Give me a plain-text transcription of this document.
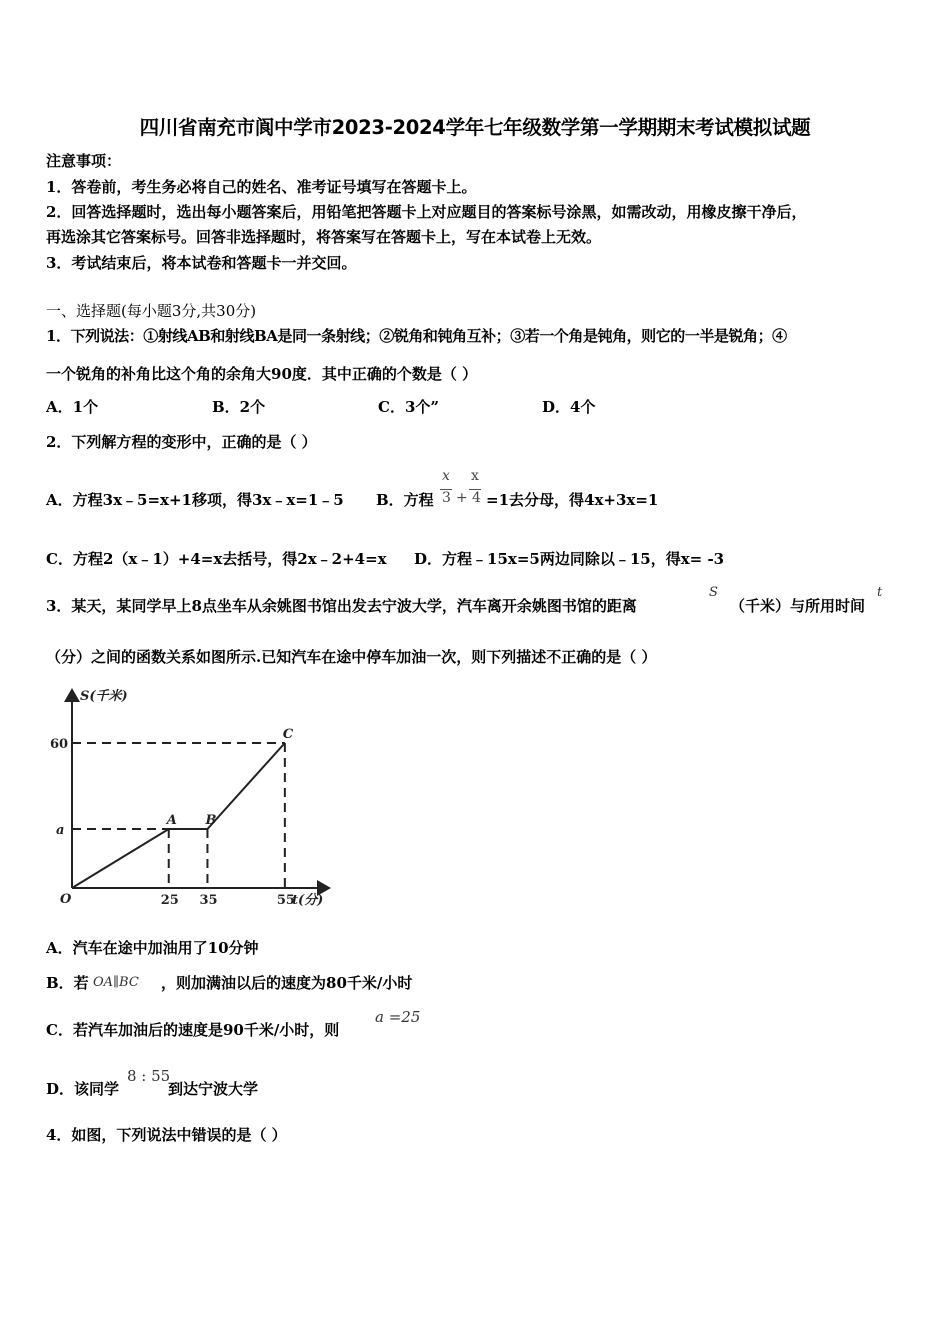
四川省南充市阆中学市2023-2024学年七年级数学第一学期期末考试模拟试题
注意事项：
1．答卷前，考生务必将自己的姓名、准考证号填写在答题卡上。
2．回答选择题时，选出每小题答案后，用铅笔把答题卡上对应题目的答案标号涂黑，如需改动，用橡皮擦干净后，
再选涂其它答案标号。回答非选择题时，将答案写在答题卡上，写在本试卷上无效。
3．考试结束后，将本试卷和答题卡一并交回。
一、选择题(每小题3分,共30分)
1．下列说法：①射线AB和射线BA是同一条射线；②锐角和钝角互补；③若一个角是钝角，则它的一半是锐角；④
一个锐角的补角比这个角的余角大90度．其中正确的个数是（ ）
A．1个	B．2个	C．3个”	D．4个
2．下列解方程的变形中，正确的是（ ）
A．方程3x﹣5=x+1移项，得3x﹣x=1﹣5 B．方程
x
3 +
x
4 =1去分母，得4x+3x=1
C．方程2（x﹣1）+4=x去括号，得2x﹣2+4=x D．方程﹣15x=5两边同除以﹣15，得x= -3
3．某天，某同学早上8点坐车从余姚图书馆出发去宁波大学，汽车离开余姚图书馆的距离
S
（千米）与所用时间
t
（分）之间的函数关系如图所示.已知汽车在途中停车加油一次，则下列描述不正确的是（ ）
A B
C
25 35	55
a
60
S(千米)
t(分)
O
A．汽车在途中加油用了10分钟
B．若 OA∥BC ，则加满油以后的速度为80千米/小时
C．若汽车加油后的速度是90千米/小时，则
a =25
D．该同学
8 : 55
到达宁波大学
4．如图，下列说法中错误的是（ ）
